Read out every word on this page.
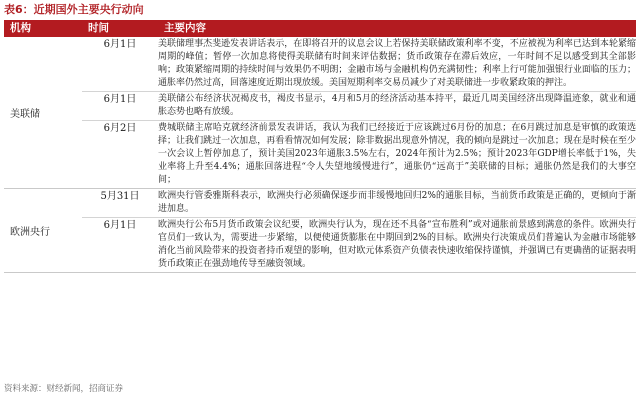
表6：近期国外主要央行动向
机构	时间	主要内容
美联储
6月1日	美联储理事杰斐逊发表讲话表示，在即将召开的议息会议上若保持美联储政策利率不变，不应被视为利率已达到本轮紧缩周期的峰值；暂停一次加息将使得美联储有时间来评估数据；货币政策存在滞后效应，一年时间不足以感受到其全部影响；政策紧缩周期的持续时间与效果仍不明朗；金融市场与金融机构仍充满韧性；利率上行可能加强银行业面临的压力；通胀率仍然过高，回落速度近期出现放缓。美国短期利率交易员减少了对美联储进一步收紧政策的押注。
6月1日	美联储公布经济状况褐皮书，褐皮书显示，4月和5月的经济活动基本持平，最近几周美国经济出现降温迹象，就业和通胀态势也略有放缓。
6月2日	费城联储主席哈克就经济前景发表讲话，我认为我们已经接近于应该跳过6月份的加息；在6月跳过加息是审慎的政策选择；让我们跳过一次加息，再看看情况如何发展；除非数据出现意外情况，我的倾向是跳过一次加息；现在是时候在至少一次会议上暂停加息了，预计美国2023年通胀3.5%左右，2024年预计为2.5%；预计2023年GDP增长率低于1%，失业率将上升至4.4%；通胀回落进程“令人失望地缓慢进行”，通胀仍“远高于”美联储的目标；通胀仍然是我们的大事空间；
欧洲央行
5月31日	欧洲央行管委雅斯科表示，欧洲央行必须确保逐步而非缓慢地回归2%的通胀目标，当前货币政策是正确的，更倾向于渐进加息。
6月1日	欧洲央行公布5月货币政策会议纪要，欧洲央行认为，现在还不具备“宣布胜利”或对通胀前景感到满意的条件。欧洲央行官员们一致认为，需要进一步紧缩，以便使通货膨胀在中期回到2%的目标。欧洲央行决策成员们普遍认为金融市场能够消化当前风险带来的投资者持币观望的影响，但对欧元体系资产负债表快速收缩保持谨慎，并强调已有更确凿的证据表明货币政策正在强劲地传导至融资领域。
资料来源：财经新闻，招商证券
